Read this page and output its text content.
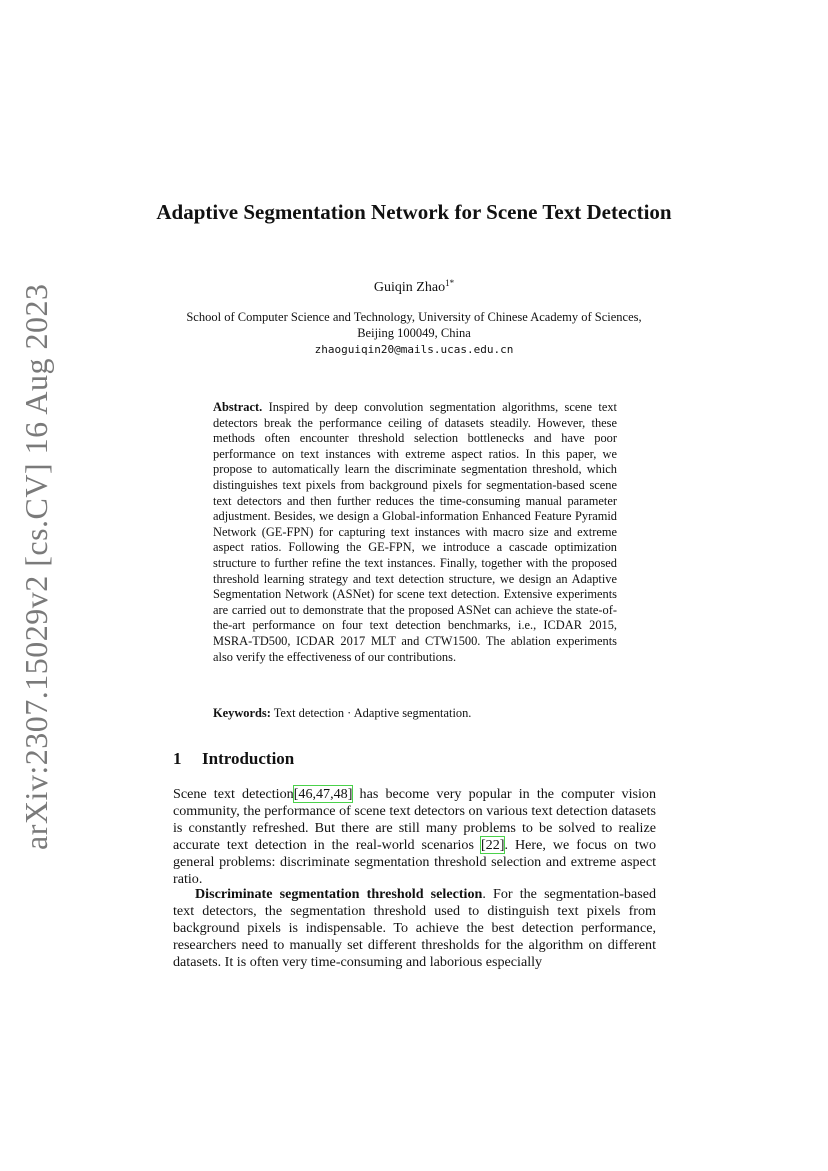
arXiv:2307.15029v2 [cs.CV] 16 Aug 2023
Adaptive Segmentation Network for Scene Text Detection
Guiqin Zhao$^{1*}$
School of Computer Science and Technology, University of Chinese Academy of Sciences, Beijing 100049, China
zhaoguiqin20@mails.ucas.edu.cn
Abstract. Inspired by deep convolution segmentation algorithms, scene text detectors break the performance ceiling of datasets steadily. However, these methods often encounter threshold selection bottlenecks and have poor performance on text instances with extreme aspect ratios. In this paper, we propose to automatically learn the discriminate segmentation threshold, which distinguishes text pixels from background pixels for segmentation-based scene text detectors and then further reduces the time-consuming manual parameter adjustment. Besides, we design a Global-information Enhanced Feature Pyramid Network (GE-FPN) for capturing text instances with macro size and extreme aspect ratios. Following the GE-FPN, we introduce a cascade optimization structure to further refine the text instances. Finally, together with the proposed threshold learning strategy and text detection structure, we design an Adaptive Segmentation Network (ASNet) for scene text detection. Extensive experiments are carried out to demonstrate that the proposed ASNet can achieve the state-of-the-art performance on four text detection benchmarks, i.e., ICDAR 2015, MSRA-TD500, ICDAR 2017 MLT and CTW1500. The ablation experiments also verify the effectiveness of our contributions.
Keywords: Text detection · Adaptive segmentation.
1 Introduction
Scene text detection[46,47,48] has become very popular in the computer vision community, the performance of scene text detectors on various text detection datasets is constantly refreshed. But there are still many problems to be solved to realize accurate text detection in the real-world scenarios [22]. Here, we focus on two general problems: discriminate segmentation threshold selection and extreme aspect ratio.
Discriminate segmentation threshold selection. For the segmentation-based text detectors, the segmentation threshold used to distinguish text pixels from background pixels is indispensable. To achieve the best detection performance, researchers need to manually set different thresholds for the algorithm on different datasets. It is often very time-consuming and laborious especially
